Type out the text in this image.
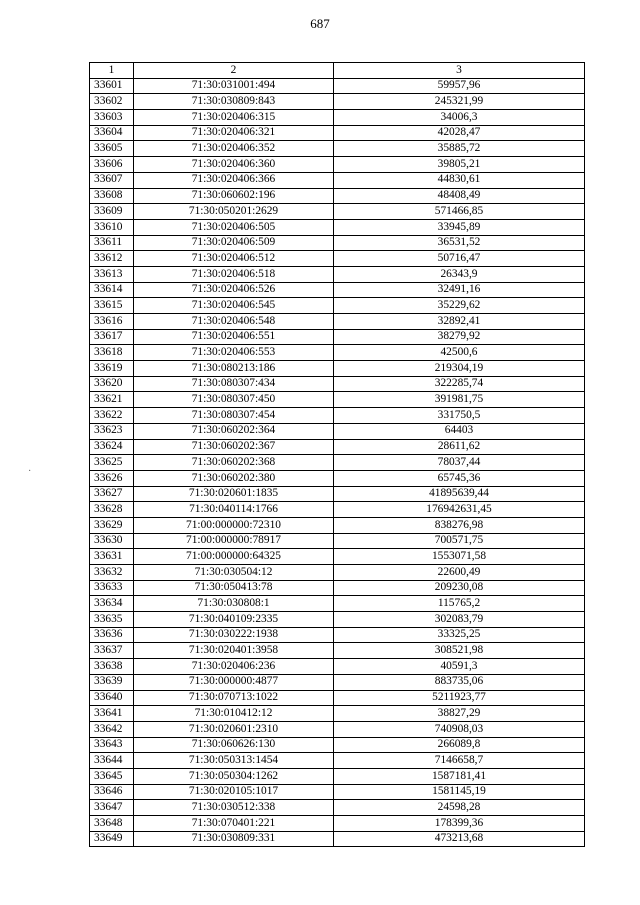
687
·
1	2	3
33601	71:30:031001:494	59957,96
33602	71:30:030809:843	245321,99
33603	71:30:020406:315	34006,3
33604	71:30:020406:321	42028,47
33605	71:30:020406:352	35885,72
33606	71:30:020406:360	39805,21
33607	71:30:020406:366	44830,61
33608	71:30:060602:196	48408,49
33609	71:30:050201:2629	571466,85
33610	71:30:020406:505	33945,89
33611	71:30:020406:509	36531,52
33612	71:30:020406:512	50716,47
33613	71:30:020406:518	26343,9
33614	71:30:020406:526	32491,16
33615	71:30:020406:545	35229,62
33616	71:30:020406:548	32892,41
33617	71:30:020406:551	38279,92
33618	71:30:020406:553	42500,6
33619	71:30:080213:186	219304,19
33620	71:30:080307:434	322285,74
33621	71:30:080307:450	391981,75
33622	71:30:080307:454	331750,5
33623	71:30:060202:364	64403
33624	71:30:060202:367	28611,62
33625	71:30:060202:368	78037,44
33626	71:30:060202:380	65745,36
33627	71:30:020601:1835	41895639,44
33628	71:30:040114:1766	176942631,45
33629	71:00:000000:72310	838276,98
33630	71:00:000000:78917	700571,75
33631	71:00:000000:64325	1553071,58
33632	71:30:030504:12	22600,49
33633	71:30:050413:78	209230,08
33634	71:30:030808:1	115765,2
33635	71:30:040109:2335	302083,79
33636	71:30:030222:1938	33325,25
33637	71:30:020401:3958	308521,98
33638	71:30:020406:236	40591,3
33639	71:30:000000:4877	883735,06
33640	71:30:070713:1022	5211923,77
33641	71:30:010412:12	38827,29
33642	71:30:020601:2310	740908,03
33643	71:30:060626:130	266089,8
33644	71:30:050313:1454	7146658,7
33645	71:30:050304:1262	1587181,41
33646	71:30:020105:1017	1581145,19
33647	71:30:030512:338	24598,28
33648	71:30:070401:221	178399,36
33649	71:30:030809:331	473213,68
